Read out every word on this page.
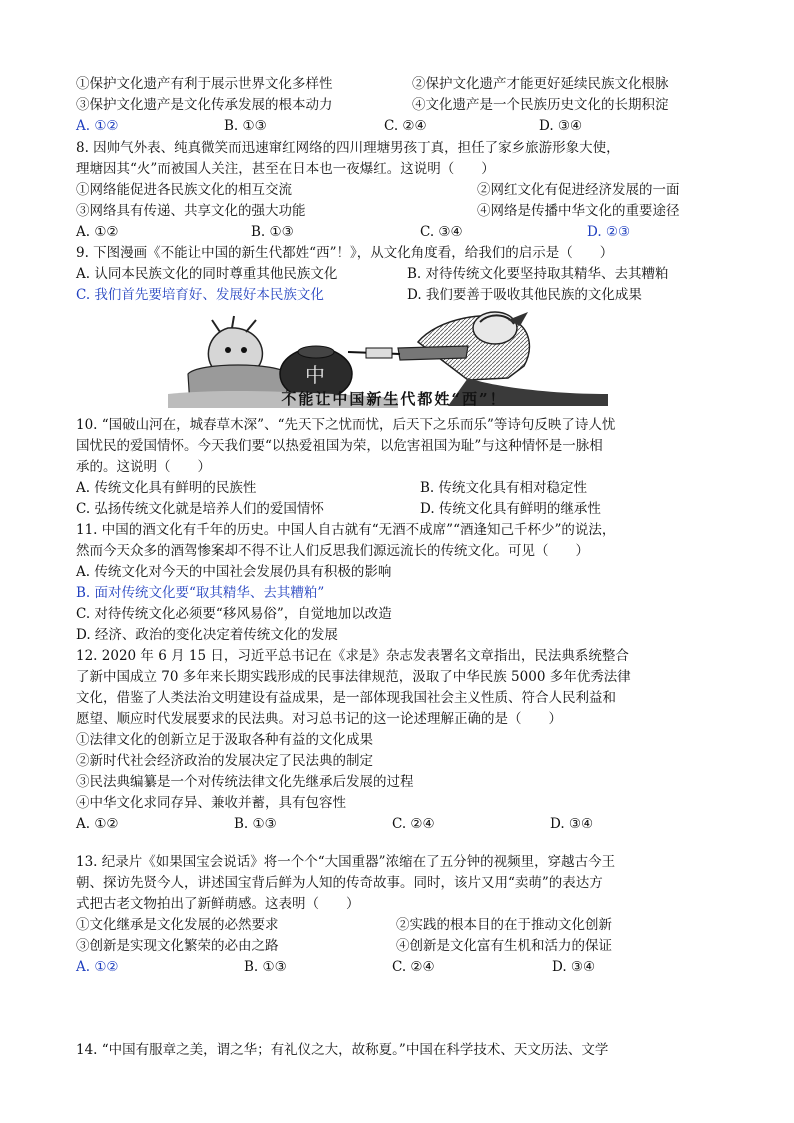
①保护文化遗产有利于展示世界文化多样性	②保护文化遗产才能更好延续民族文化根脉
③保护文化遗产是文化传承发展的根本动力	④文化遗产是一个民族历史文化的长期积淀
A. ①②	B. ①③	C. ②④	D. ③④
8. 因帅气外表、纯真微笑而迅速窜红网络的四川理塘男孩丁真，担任了家乡旅游形象大使，
理塘因其“火”而被国人关注，甚至在日本也一夜爆红。这说明（　　）
①网络能促进各民族文化的相互交流	②网红文化有促进经济发展的一面
③网络具有传递、共享文化的强大功能	④网络是传播中华文化的重要途径
A. ①②	B. ①③	C. ③④	D. ②③
9. 下图漫画《不能让中国的新生代都姓“西”！》，从文化角度看，给我们的启示是（　　）
A. 认同本民族文化的同时尊重其他民族文化	B. 对待传统文化要坚持取其精华、去其糟粕
C. 我们首先要培育好、发展好本民族文化	D. 我们要善于吸收其他民族的文化成果
中
不能让中国新生代都姓“西”！
10. “国破山河在，城春草木深”、“先天下之忧而忧，后天下之乐而乐”等诗句反映了诗人忧
国忧民的爱国情怀。今天我们要“以热爱祖国为荣，以危害祖国为耻”与这种情怀是一脉相
承的。这说明（　　）
A. 传统文化具有鲜明的民族性	B. 传统文化具有相对稳定性
C. 弘扬传统文化就是培养人们的爱国情怀	D. 传统文化具有鲜明的继承性
11. 中国的酒文化有千年的历史。中国人自古就有“无酒不成席”“酒逢知己千杯少”的说法，
然而今天众多的酒驾惨案却不得不让人们反思我们源远流长的传统文化。可见（　　）
A. 传统文化对今天的中国社会发展仍具有积极的影响
B. 面对传统文化要“取其精华、去其糟粕”
C. 对待传统文化必须要“移风易俗”，自觉地加以改造
D. 经济、政治的变化决定着传统文化的发展
12. 2020 年 6 月 15 日，习近平总书记在《求是》杂志发表署名文章指出，民法典系统整合
了新中国成立 70 多年来长期实践形成的民事法律规范，汲取了中华民族 5000 多年优秀法律
文化，借鉴了人类法治文明建设有益成果，是一部体现我国社会主义性质、符合人民利益和
愿望、顺应时代发展要求的民法典。对习总书记的这一论述理解正确的是（　　）
①法律文化的创新立足于汲取各种有益的文化成果
②新时代社会经济政治的发展决定了民法典的制定
③民法典编纂是一个对传统法律文化先继承后发展的过程
④中华文化求同存异、兼收并蓄，具有包容性
A. ①②	B. ①③	C. ②④	D. ③④
13. 纪录片《如果国宝会说话》将一个个“大国重器”浓缩在了五分钟的视频里，穿越古今王
朝、探访先贤今人，讲述国宝背后鲜为人知的传奇故事。同时，该片又用“卖萌”的表达方
式把古老文物拍出了新鲜萌感。这表明（　　）
①文化继承是文化发展的必然要求	②实践的根本目的在于推动文化创新
③创新是实现文化繁荣的必由之路	④创新是文化富有生机和活力的保证
A. ①②	B. ①③	C. ②④	D. ③④
14. “中国有服章之美，谓之华；有礼仪之大，故称夏。”中国在科学技术、天文历法、文学
